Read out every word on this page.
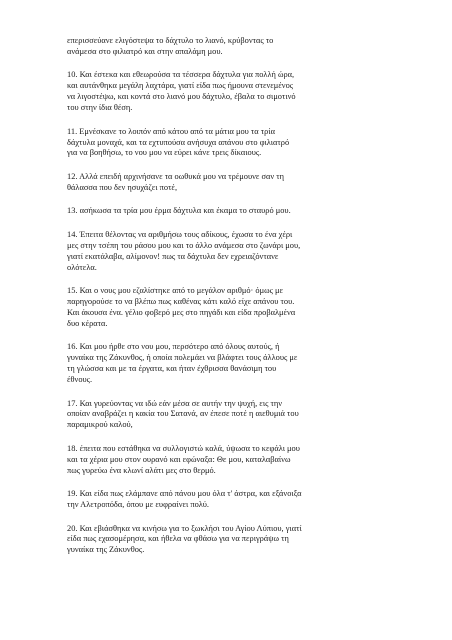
επερισσεύανε ελιγόστεψα το δάχτυλο το λιανό, κρύβοντας το
ανάμεσα στο φιλιατρό και στην απαλάμη μου.

10. Και έστεκα και εθεωρούσα τα τέσσερα δάχτυλα για πολλή ώρα,
και αυτάνθηκα μεγάλη λαχτάρα, γιατί είδα πως ήμουνα στενεμένος
να λιγοστέψω, και κοντά στο λιανό μου δάχτυλο, έβαλα το σιμοτινό
του στην ίδια θέση.

11. Εμνέσκανε το λοιπόν από κάτου από τα μάτια μου τα τρία
δάχτυλα μοναχά, και τα εχτυπούσα ανήσυχα απάνου στο φιλιατρό
για να βοηθήσω, το νου μου να εύρει κάνε τρεις δίκαιους.

12. Αλλά επειδή αρχινήσανε τα οωθυκά μου να τρέμουνε σαν τη
θάλασσα που δεν ησυχάζει ποτέ,

13. ασήκωσα τα τρία μου έρμα δάχτυλα και έκαμα το σταυρό μου.

14. Έπειτα θέλοντας να αριθμήσω τους αδίκους, έχωσα το ένα χέρι
μες στην τσέπη του ράσου μου και το άλλο ανάμεσα στο ζωνάρι μου,
γιατί εκατάλαβα, αλίμονον! πως τα δάχτυλα δεν εχρειαζόντανε
ολότελα.

15. Και ο νους μου εζαλίστηκε από το μεγάλον αριθμό· όμως με
παρηγορούσε το να βλέπω πως καθένας κάτι καλό είχε απάνου του.
Και άκουσα ένα. γέλιο φοβερό μες στο πηγάδι και είδα προβαλμένα
δυο κέρατα.

16. Και μου ήρθε στο νου μου, περσότερο από όλους αυτούς, ή
γυναίκα της Ζάκυνθος, ή οποία πολεμάει να βλάφτει τους άλλους με
τη γλώσσα και με τα έργατα, και ήταν έχθρισσα θανάσιμη του
έθνους.

17. Και γυρεύοντας να ιδώ εάν μέσα σε αυτήν την ψυχή, εις την
οποίαν αναβράζει η κακία του Σατανά, αν έπεσε ποτέ η αιεθυμιά του
παραμικρού καλού,

18. έπειτα που εστάθηκα να συλλογιστώ καλά, ύψωσα το κεφάλι μου
και τα χέρια μου στον ουρανό και εφώναξα: Θε μου, καταλαβαίνω
πως γυρεύω ένα κλωνί αλάτι μες στο θερμό.

19. Και είδα πως ελάμπανε από πάνου μου όλα τ' άστρα, και εξάνοιξα
την Αλετροπόδα, όπου με ευφραίνει πολύ.

20. Και εβιάσθηκα να κινήσω για το ξωκλήσι του Αγίου Λύπιου, γιατί
είδα πως εχασομέρησα, και ήθελα να φθάσω για να περιγράψω τη
γυναίκα της Ζάκυνθος.
